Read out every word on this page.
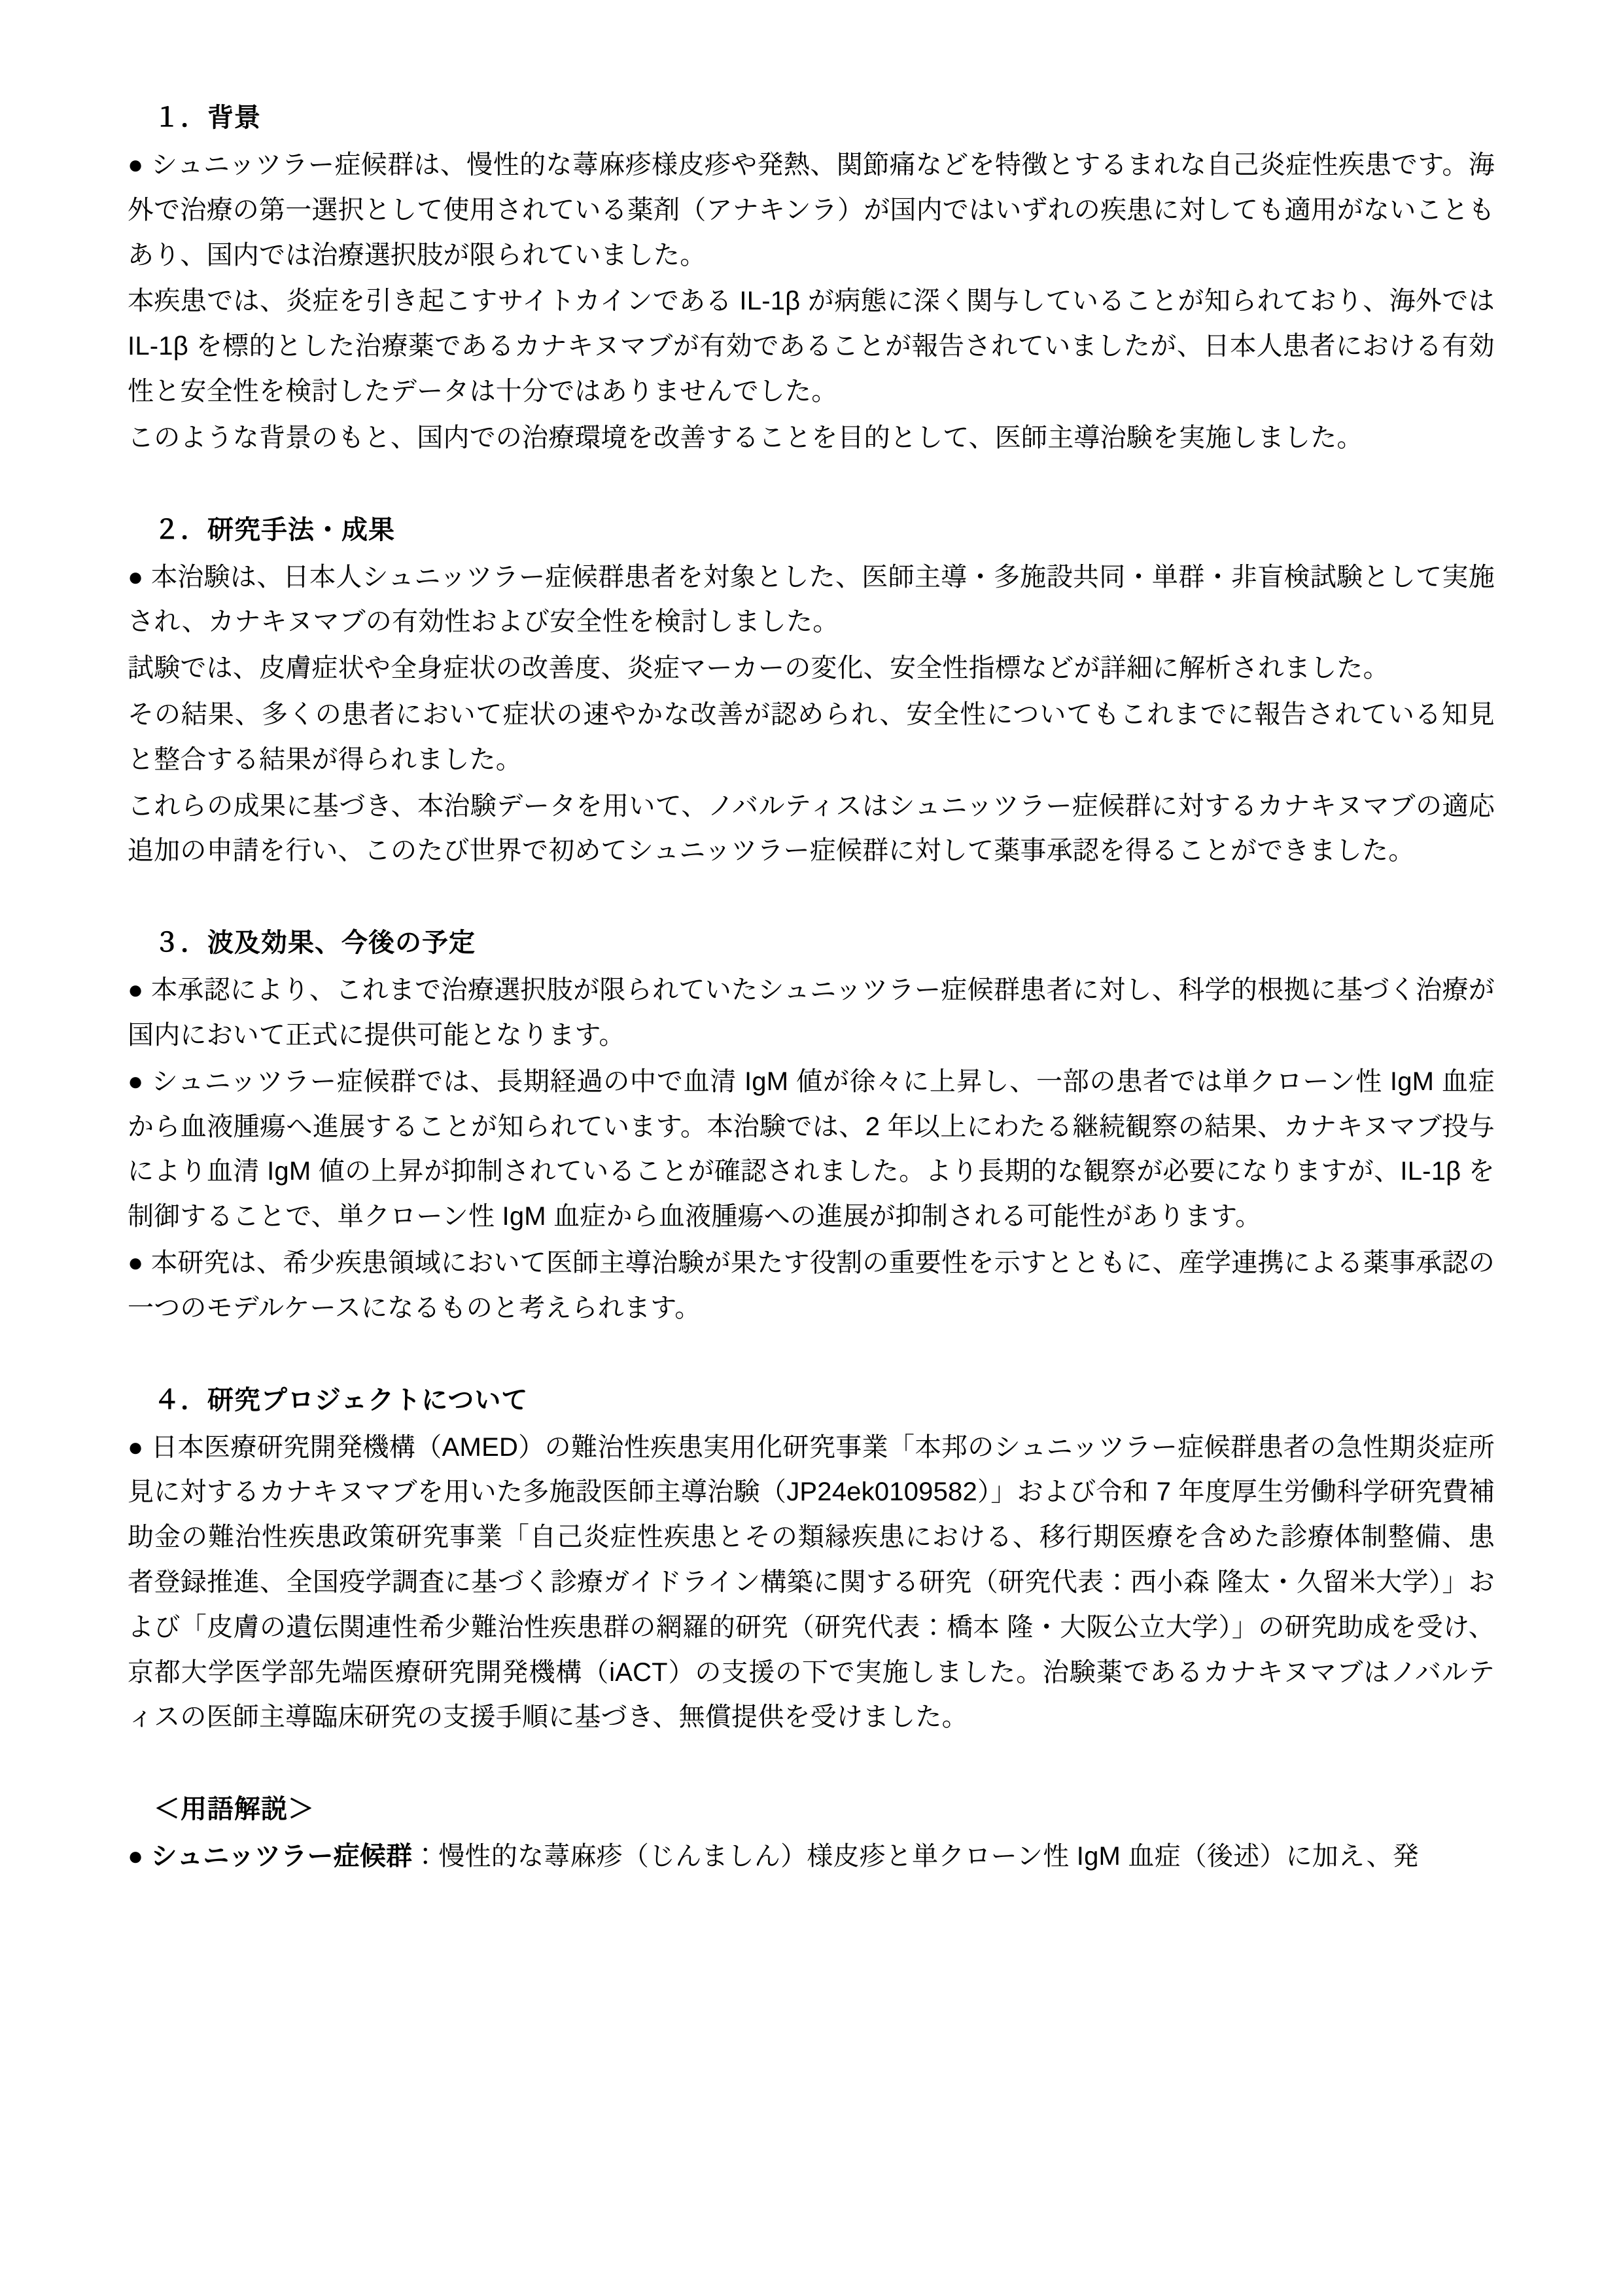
１．背景

● シュニッツラー症候群は、慢性的な蕁麻疹様皮疹や発熱、関節痛などを特徴とするまれな自己炎症性疾患です。海外で治療の第一選択として使用されている薬剤（アナキンラ）が国内ではいずれの疾患に対しても適用がないこともあり、国内では治療選択肢が限られていました。

本疾患では、炎症を引き起こすサイトカインである IL-1β が病態に深く関与していることが知られており、海外では IL-1β を標的とした治療薬であるカナキヌマブが有効であることが報告されていましたが、日本人患者における有効性と安全性を検討したデータは十分ではありませんでした。

このような背景のもと、国内での治療環境を改善することを目的として、医師主導治験を実施しました。

２．研究手法・成果

● 本治験は、日本人シュニッツラー症候群患者を対象とした、医師主導・多施設共同・単群・非盲検試験として実施され、カナキヌマブの有効性および安全性を検討しました。

試験では、皮膚症状や全身症状の改善度、炎症マーカーの変化、安全性指標などが詳細に解析されました。

その結果、多くの患者において症状の速やかな改善が認められ、安全性についてもこれまでに報告されている知見と整合する結果が得られました。

これらの成果に基づき、本治験データを用いて、ノバルティスはシュニッツラー症候群に対するカナキヌマブの適応追加の申請を行い、このたび世界で初めてシュニッツラー症候群に対して薬事承認を得ることができました。

３．波及効果、今後の予定

● 本承認により、これまで治療選択肢が限られていたシュニッツラー症候群患者に対し、科学的根拠に基づく治療が国内において正式に提供可能となります。

● シュニッツラー症候群では、長期経過の中で血清 IgM 値が徐々に上昇し、一部の患者では単クローン性 IgM 血症から血液腫瘍へ進展することが知られています。本治験では、2 年以上にわたる継続観察の結果、カナキヌマブ投与により血清 IgM 値の上昇が抑制されていることが確認されました。より長期的な観察が必要になりますが、IL-1β を制御することで、単クローン性 IgM 血症から血液腫瘍への進展が抑制される可能性があります。

● 本研究は、希少疾患領域において医師主導治験が果たす役割の重要性を示すとともに、産学連携による薬事承認の一つのモデルケースになるものと考えられます。

４．研究プロジェクトについて

● 日本医療研究開発機構（AMED）の難治性疾患実用化研究事業「本邦のシュニッツラー症候群患者の急性期炎症所見に対するカナキヌマブを用いた多施設医師主導治験（JP24ek0109582）」および令和 7 年度厚生労働科学研究費補助金の難治性疾患政策研究事業「自己炎症性疾患とその類縁疾患における、移行期医療を含めた診療体制整備、患者登録推進、全国疫学調査に基づく診療ガイドライン構築に関する研究（研究代表：西小森 隆太・久留米大学）」および「皮膚の遺伝関連性希少難治性疾患群の網羅的研究（研究代表：橋本 隆・大阪公立大学）」の研究助成を受け、京都大学医学部先端医療研究開発機構（iACT）の支援の下で実施しました。治験薬であるカナキヌマブはノバルティスの医師主導臨床研究の支援手順に基づき、無償提供を受けました。

＜用語解説＞

● シュニッツラー症候群：慢性的な蕁麻疹（じんましん）様皮疹と単クローン性 IgM 血症（後述）に加え、発
